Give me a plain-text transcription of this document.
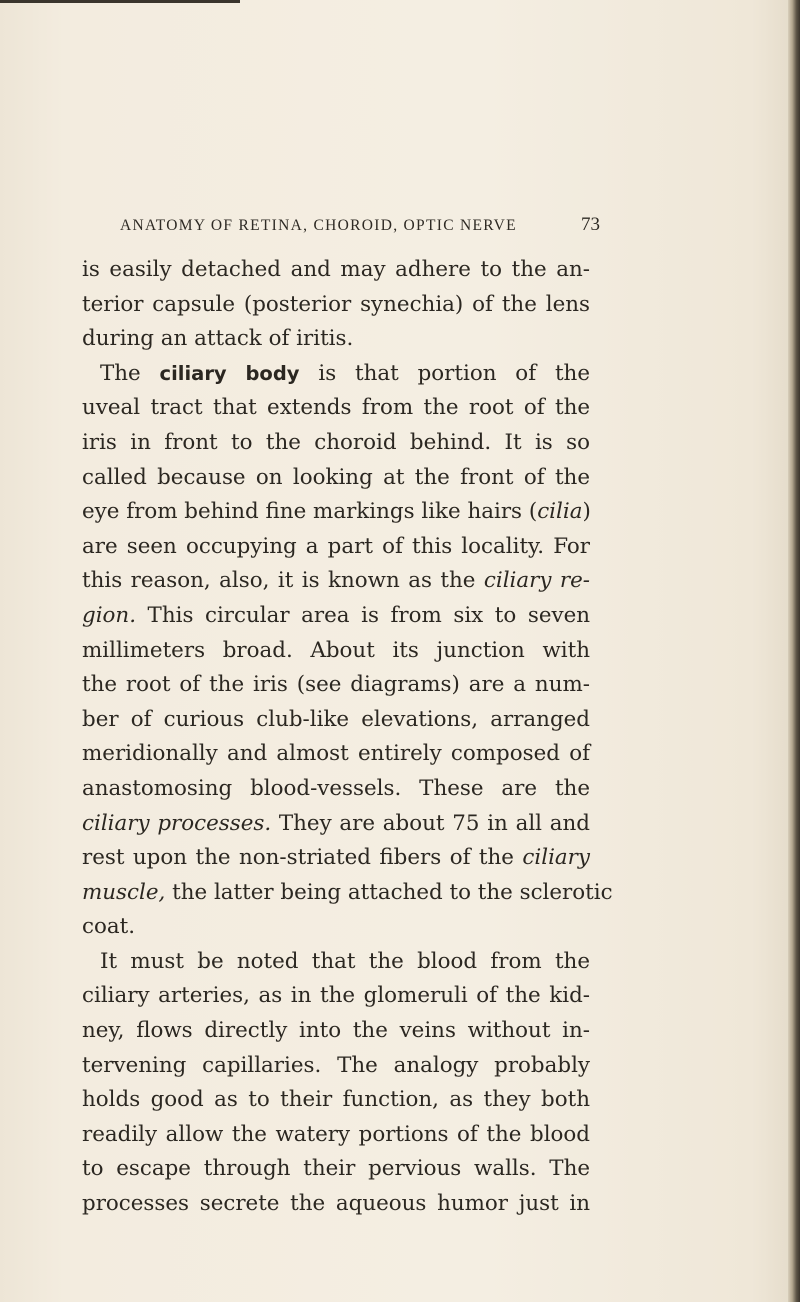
ANATOMY OF RETINA, CHOROID, OPTIC NERVE	73
is easily detached and may adhere to the an-
terior capsule (posterior synechia) of the lens
during an attack of iritis.
The ciliary body is that portion of the
uveal tract that extends from the root of the
iris in front to the choroid behind. It is so
called because on looking at the front of the
eye from behind fine markings like hairs (cilia)
are seen occupying a part of this locality. For
this reason, also, it is known as the ciliary re-
gion. This circular area is from six to seven
millimeters broad. About its junction with
the root of the iris (see diagrams) are a num-
ber of curious club-like elevations, arranged
meridionally and almost entirely composed of
anastomosing blood-vessels. These are the
ciliary processes. They are about 75 in all and
rest upon the non-striated fibers of the ciliary
muscle, the latter being attached to the sclerotic
coat.
It must be noted that the blood from the
ciliary arteries, as in the glomeruli of the kid-
ney, flows directly into the veins without in-
tervening capillaries. The analogy probably
holds good as to their function, as they both
readily allow the watery portions of the blood
to escape through their pervious walls. The
processes secrete the aqueous humor just in
